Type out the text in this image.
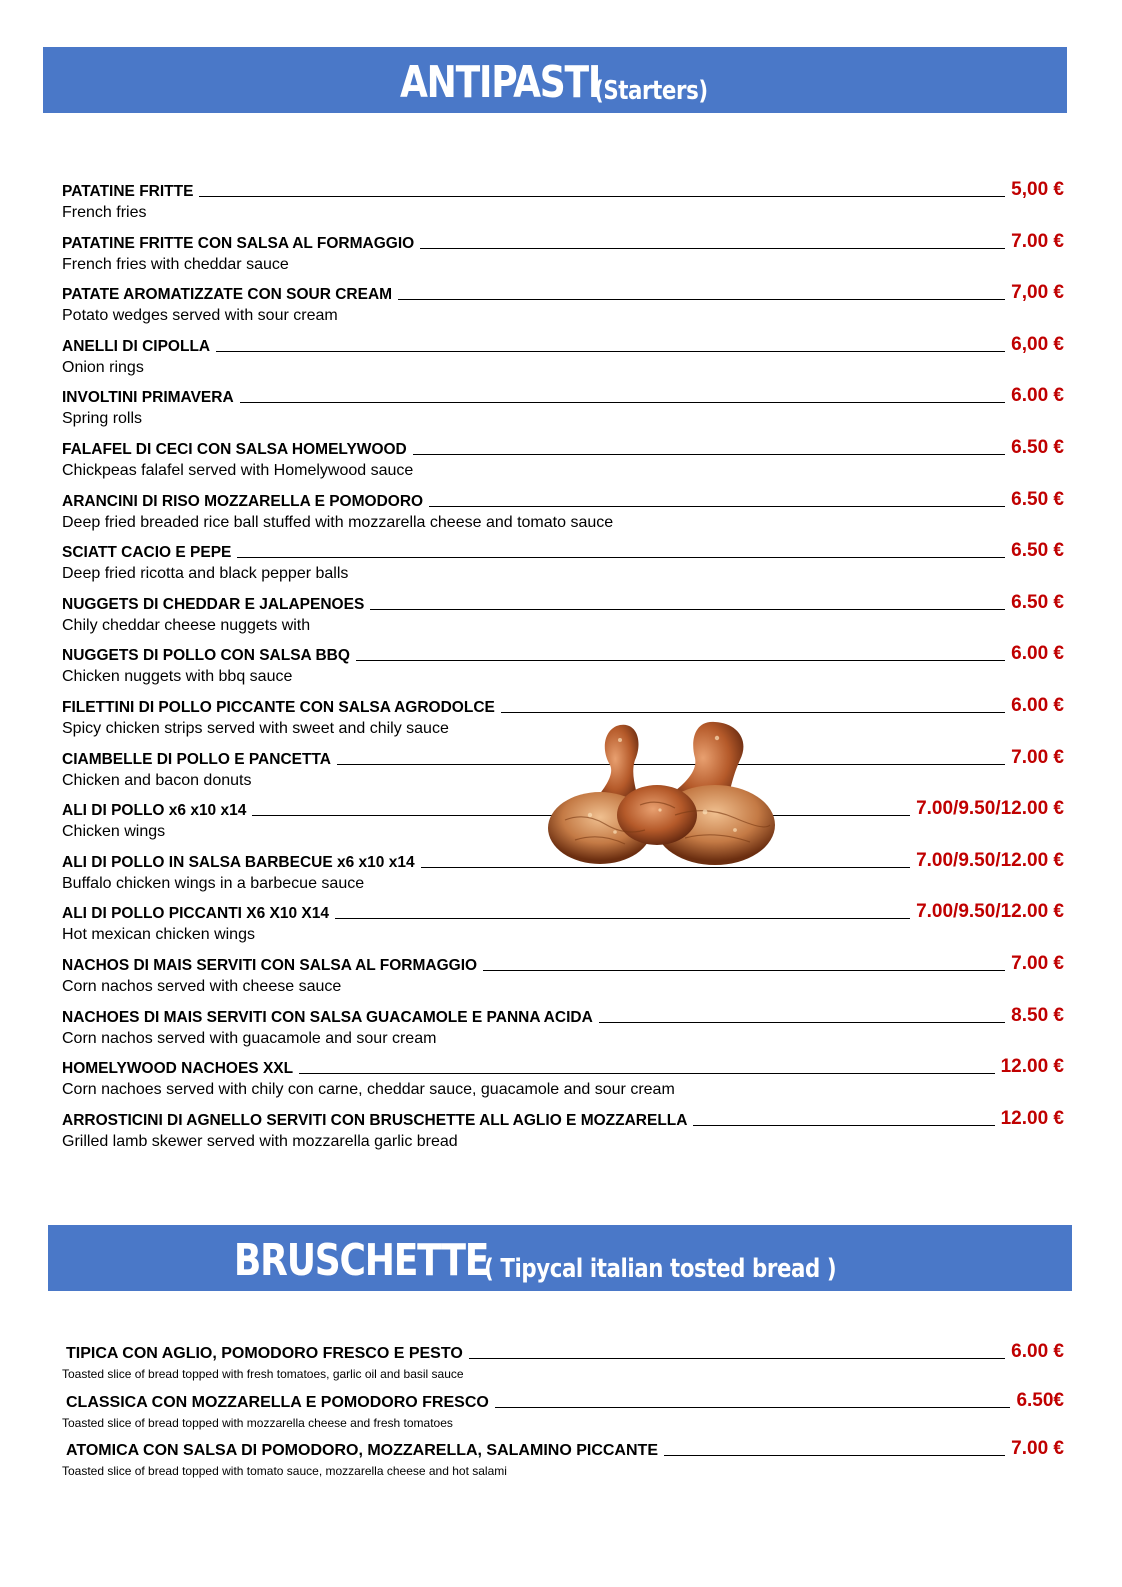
ANTIPASTI
(Starters)
PATATINE FRITTE	5,00 €
French fries
PATATINE FRITTE CON SALSA AL FORMAGGIO	7.00 €
French fries with cheddar sauce
PATATE AROMATIZZATE CON SOUR CREAM	7,00 €
Potato wedges served with sour cream
ANELLI DI CIPOLLA	6,00 €
Onion rings
INVOLTINI PRIMAVERA	6.00 €
Spring rolls
FALAFEL DI CECI CON SALSA HOMELYWOOD	6.50 €
Chickpeas falafel served with Homelywood sauce
ARANCINI DI RISO MOZZARELLA E POMODORO	6.50 €
Deep fried breaded rice ball stuffed with mozzarella cheese and tomato sauce
SCIATT CACIO E PEPE	6.50 €
Deep fried ricotta and black pepper balls
NUGGETS DI CHEDDAR E JALAPENOES	6.50 €
Chily cheddar cheese nuggets with
NUGGETS DI POLLO CON SALSA BBQ	6.00 €
Chicken nuggets with bbq sauce
FILETTINI DI POLLO PICCANTE CON SALSA AGRODOLCE	6.00 €
Spicy chicken strips served with sweet and chily sauce
CIAMBELLE DI POLLO E PANCETTA	7.00 €
Chicken and bacon donuts
ALI DI POLLO x6 x10 x14	7.00/9.50/12.00 €
Chicken wings
ALI DI POLLO IN SALSA BARBECUE x6 x10 x14	7.00/9.50/12.00 €
Buffalo chicken wings in a barbecue sauce
ALI DI POLLO PICCANTI X6 X10 X14	7.00/9.50/12.00 €
Hot mexican chicken wings
NACHOS DI MAIS SERVITI CON SALSA AL FORMAGGIO	7.00 €
Corn nachos served with cheese sauce
NACHOES DI MAIS SERVITI CON SALSA GUACAMOLE E PANNA ACIDA	8.50 €
Corn nachos served with guacamole and sour cream
HOMELYWOOD NACHOES XXL	12.00 €
Corn nachoes served with chily con carne, cheddar sauce, guacamole and sour cream
ARROSTICINI DI AGNELLO SERVITI CON BRUSCHETTE ALL AGLIO E MOZZARELLA	12.00 €
Grilled lamb skewer served with mozzarella garlic bread
BRUSCHETTE
( Tipycal italian tosted bread )
TIPICA CON AGLIO, POMODORO FRESCO E PESTO	6.00 €
Toasted slice of bread topped with fresh tomatoes, garlic oil and basil sauce
CLASSICA CON MOZZARELLA E POMODORO FRESCO	6.50€
Toasted slice of bread topped with mozzarella cheese and fresh tomatoes
ATOMICA CON SALSA DI POMODORO, MOZZARELLA, SALAMINO PICCANTE	7.00 €
Toasted slice of bread topped with tomato sauce, mozzarella cheese and hot salami
